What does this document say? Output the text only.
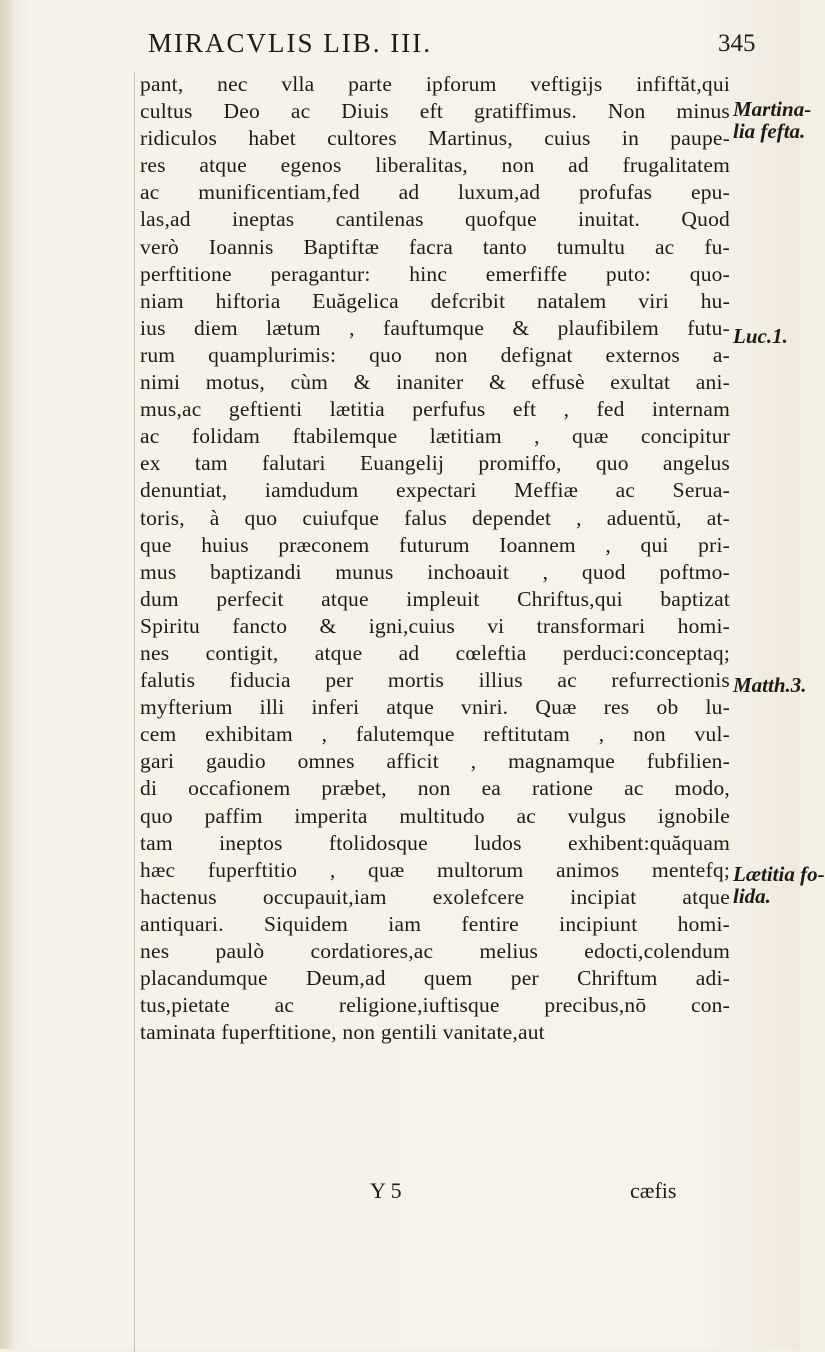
MIRACVLIS LIB. III.	345
pant, nec vlla parte ipforum veftigijs infiftăt,qui
cultus Deo ac Diuis eft gratiffimus. Non minus
ridiculos habet cultores Martinus, cuius in paupe-
res atque egenos liberalitas, non ad frugalitatem
ac munificentiam,fed ad luxum,ad profufas epu-
las,ad ineptas cantilenas quofque inuitat. Quod
verò Ioannis Baptiftæ facra tanto tumultu ac fu-
perftitione peragantur: hinc emerfiffe puto: quo-
niam hiftoria Euăgelica defcribit natalem viri hu-
ius diem lætum , fauftumque & plaufibilem futu-
rum quamplurimis: quo non defignat externos a-
nimi motus, cùm & inaniter & effusè exultat ani-
mus,ac geftienti lætitia perfufus eft , fed internam
ac folidam ftabilemque lætitiam , quæ concipitur
ex tam falutari Euangelij promiffo, quo angelus
denuntiat, iamdudum expectari Meffiæ ac Serua-
toris, à quo cuiufque falus dependet , aduentŭ, at-
que huius præconem futurum Ioannem , qui pri-
mus baptizandi munus inchoauit , quod poftmo-
dum perfecit atque impleuit Chriftus,qui baptizat
Spiritu fancto & igni,cuius vi transformari homi-
nes contigit, atque ad cœleftia perduci:conceptaq;
falutis fiducia per mortis illius ac refurrectionis
myfterium illi inferi atque vniri. Quæ res ob lu-
cem exhibitam , falutemque reftitutam , non vul-
gari gaudio omnes afficit , magnamque fubfilien-
di occafionem præbet, non ea ratione ac modo,
quo paffim imperita multitudo ac vulgus ignobile
tam ineptos ftolidosque ludos exhibent:quăquam
hæc fuperftitio , quæ multorum animos mentefq;
hactenus occupauit,iam exolefcere incipiat atque
antiquari. Siquidem iam fentire incipiunt homi-
nes paulò cordatiores,ac melius edocti,colendum
placandumque Deum,ad quem per Chriftum adi-
tus,pietate ac religione,iuftisque precibus,nō con-
taminata fuperftitione, non gentili vanitate,aut
Martina-
lia fefta.
Luc.1.
Matth.3.
Lætitia fo-
lida.
Y 5	cæfis
